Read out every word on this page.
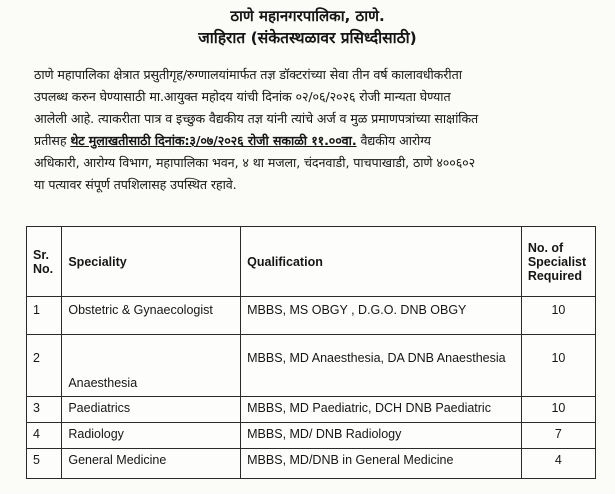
ठाणे महानगरपालिका, ठाणे.
जाहिरात (संकेतस्थळावर प्रसिध्दीसाठी)
ठाणे महापालिका क्षेत्रात प्रसुतीगृह/रुग्णालयांमार्फत तज्ञ डॉक्टरांच्या सेवा तीन वर्ष कालावधीकरीता
उपलब्ध करुन घेण्यासाठी मा.आयुक्त महोदय यांची दिनांक ०२/०६/२०२६ रोजी मान्यता घेण्यात
आलेली आहे. त्याकरीता पात्र व इच्छुक वैद्यकीय तज्ञ यांनी त्यांचे अर्ज व मुळ प्रमाणपत्रांच्या साक्षांकित
प्रतीसह थेट मुलाखतीसाठी दिनांक:३/०७/२०२६ रोजी सकाळी ११.००वा. वैद्यकीय आरोग्य
अधिकारी, आरोग्य विभाग, महापालिका भवन, ४ था मजला, चंदनवाडी, पाचपाखाडी, ठाणे ४००६०२
या पत्यावर संपूर्ण तपशिलासह उपस्थित रहावे.
Sr. No.	Speciality	Qualification	No. of Specialist Required
1	Obstetric & Gynaecologist	MBBS, MS OBGY , D.G.O. DNB OBGY	10
2	Anaesthesia	MBBS, MD Anaesthesia, DA DNB Anaesthesia	10
3	Paediatrics	MBBS, MD Paediatric, DCH DNB Paediatric	10
4	Radiology	MBBS, MD/ DNB Radiology	7
5	General Medicine	MBBS, MD/DNB in General Medicine	4
